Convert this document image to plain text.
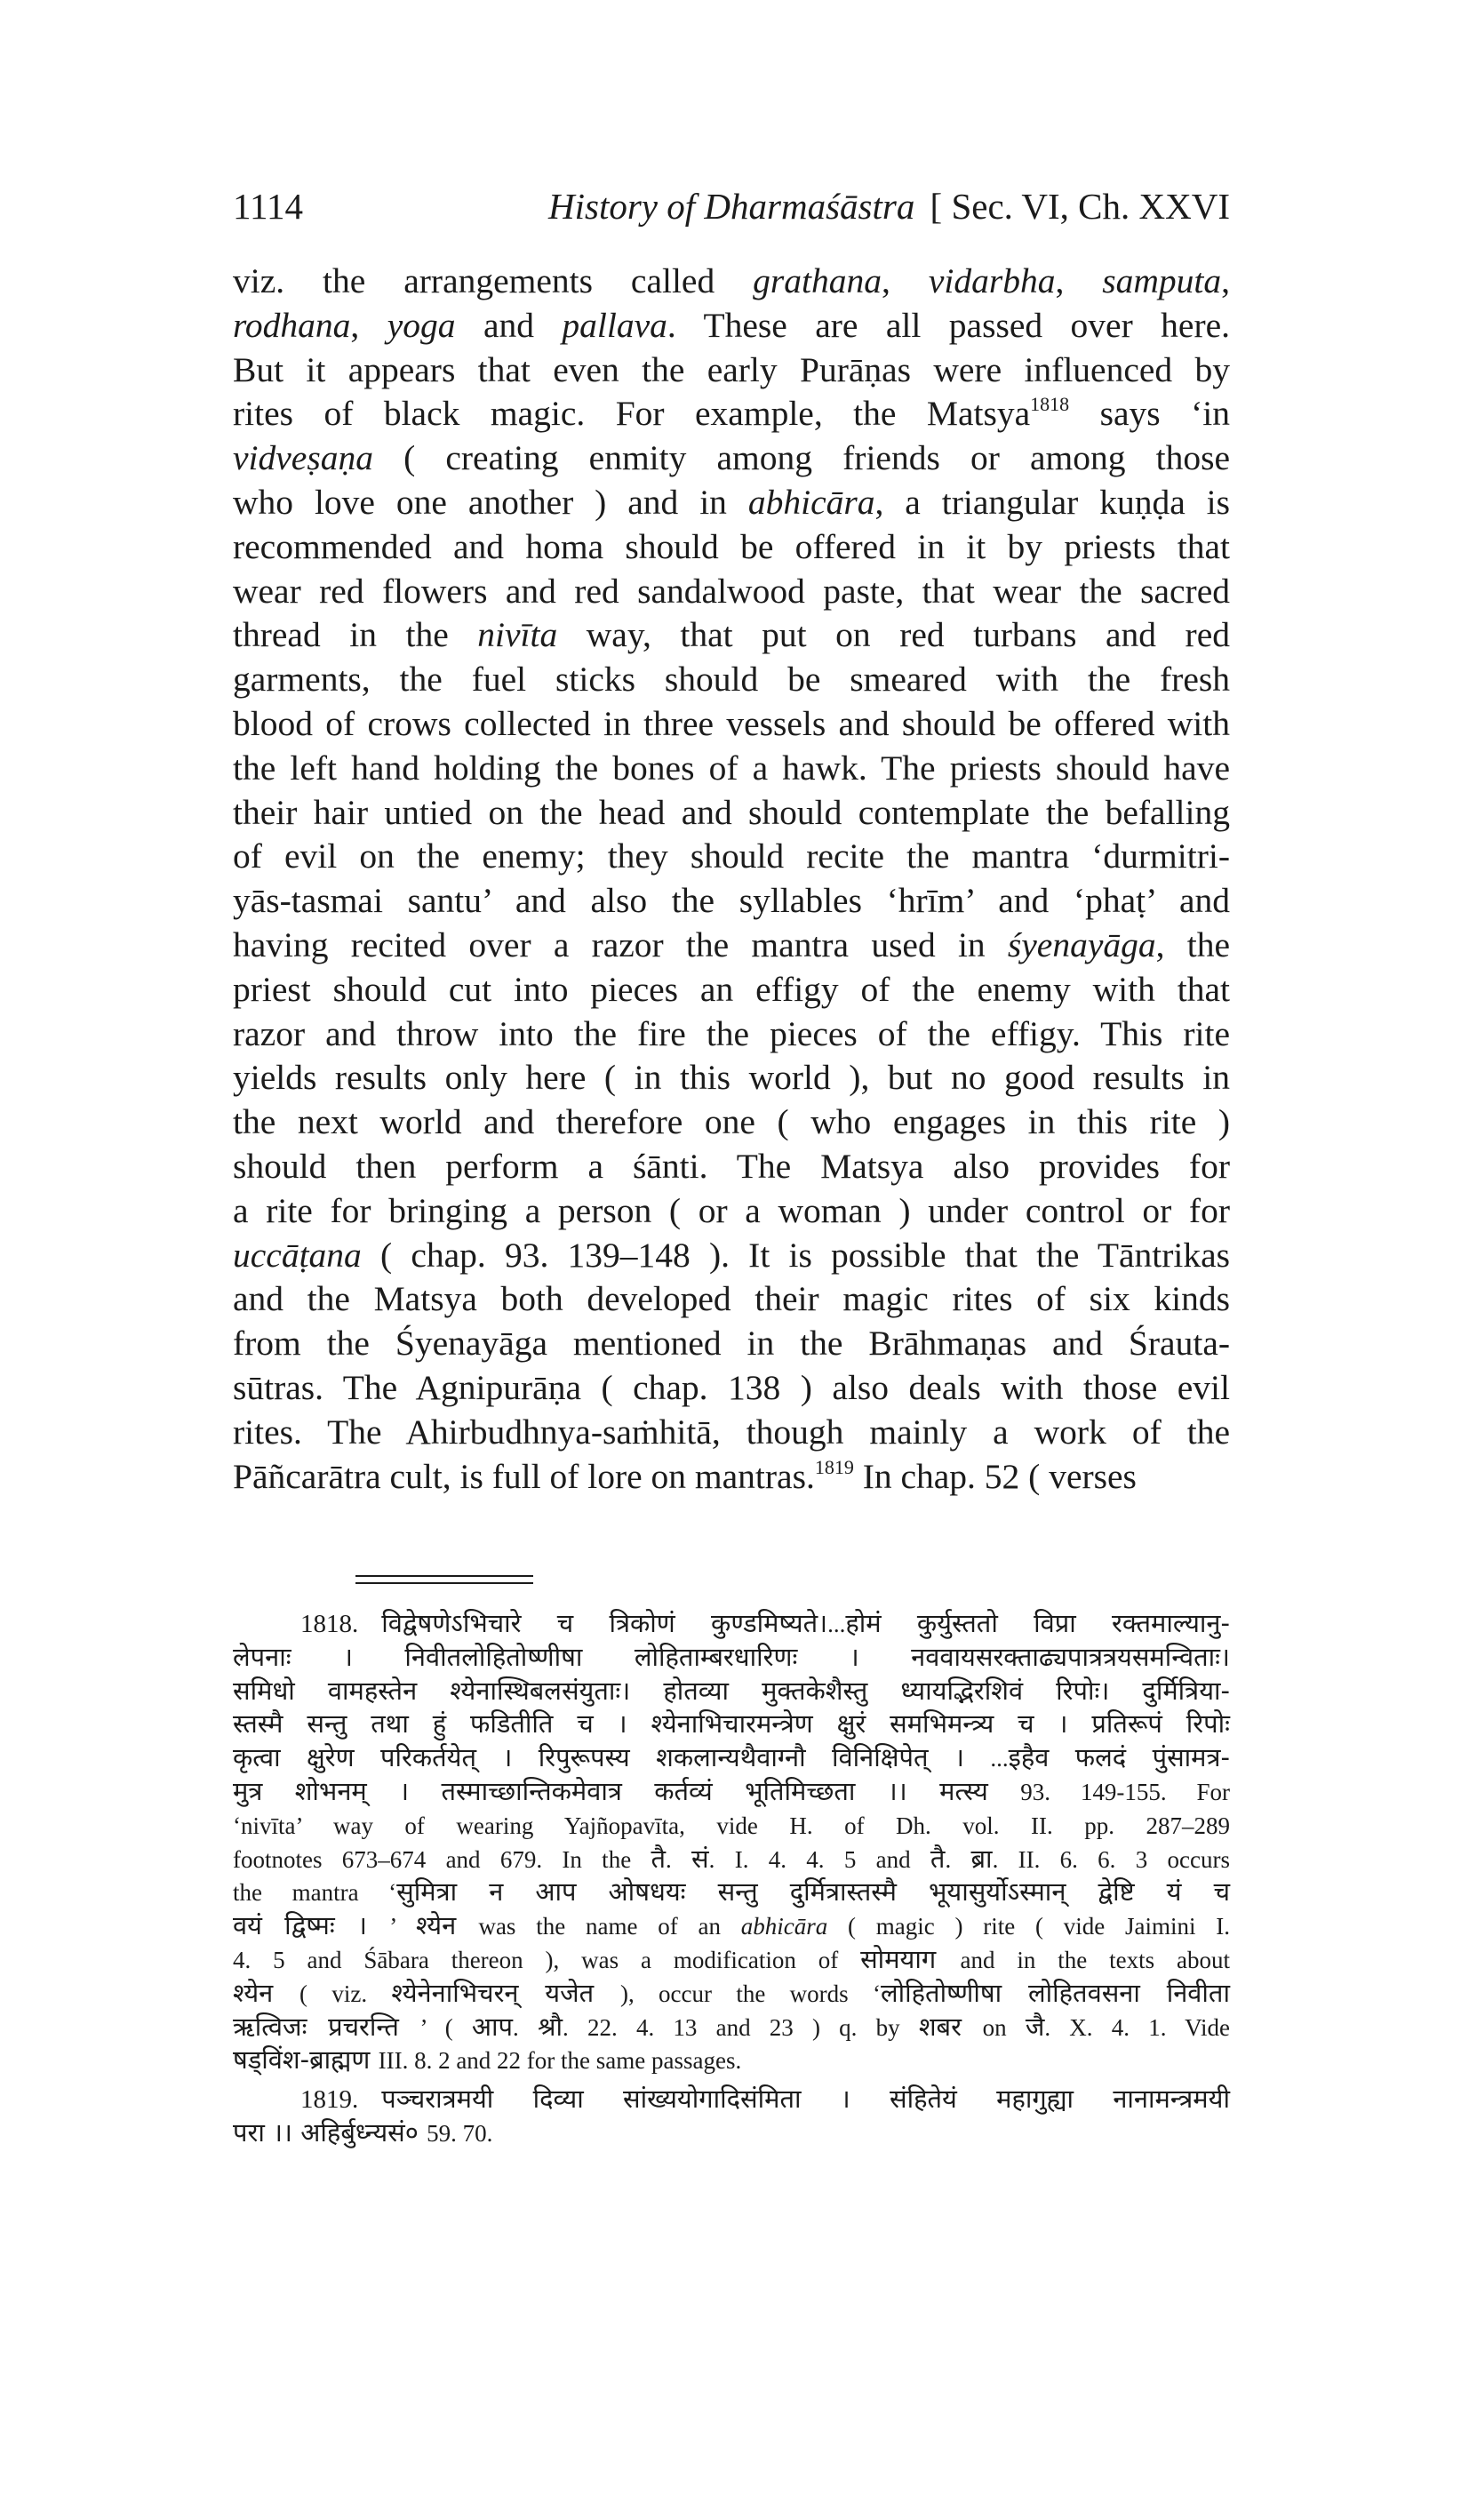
1114	History of Dharmaśāstra [ Sec. VI, Ch. XXVI
viz. the arrangements called grathana, vidarbha, samputa,
rodhana, yoga and pallava. These are all passed over here.
But it appears that even the early Purāṇas were influenced by
rites of black magic. For example, the Matsya$^{1818}$ says ‘in
vidveṣaṇa ( creating enmity among friends or among those
who love one another ) and in abhicāra, a triangular kuṇḍa is
recommended and homa should be offered in it by priests that
wear red flowers and red sandalwood paste, that wear the sacred
thread in the nivīta way, that put on red turbans and red
garments, the fuel sticks should be smeared with the fresh
blood of crows collected in three vessels and should be offered with
the left hand holding the bones of a hawk. The priests should have
their hair untied on the head and should contemplate the befalling
of evil on the enemy; they should recite the mantra ‘durmitri-
yās-tasmai santu’ and also the syllables ‘hrīm’ and ‘phaṭ’ and
having recited over a razor the mantra used in śyenayāga, the
priest should cut into pieces an effigy of the enemy with that
razor and throw into the fire the pieces of the effigy. This rite
yields results only here ( in this world ), but no good results in
the next world and therefore one ( who engages in this rite )
should then perform a śānti. The Matsya also provides for
a rite for bringing a person ( or a woman ) under control or for
uccāṭana ( chap. 93. 139–148 ). It is possible that the Tāntrikas
and the Matsya both developed their magic rites of six kinds
from the Śyenayāga mentioned in the Brāhmaṇas and Śrauta-
sūtras. The Agnipurāṇa ( chap. 138 ) also deals with those evil
rites. The Ahirbudhnya-saṁhitā, though mainly a work of the
Pāñcarātra cult, is full of lore on mantras.$^{1819}$ In chap. 52 ( verses
1818. विद्वेषणेऽभिचारे च त्रिकोणं कुण्डमिष्यते।...होमं कुर्युस्ततो विप्रा रक्तमाल्यानु-
लेपनाः । निवीतलोहितोष्णीषा लोहिताम्बरधारिणः । नववायसरक्ताढ्यपात्रत्रयसमन्विताः।
समिधो वामहस्तेन श्येनास्थिबलसंयुताः। होतव्या मुक्तकेशैस्तु ध्यायद्भिरशिवं रिपोः। दुर्मित्रिया-
स्तस्मै सन्तु तथा हुं फडितीति च । श्येनाभिचारमन्त्रेण क्षुरं समभिमन्त्र्य च । प्रतिरूपं रिपोः
कृत्वा क्षुरेण परिकर्तयेत् । रिपुरूपस्य शकलान्यथैवाग्नौ विनिक्षिपेत् । ...इहैव फलदं पुंसामत्र-
मुत्र शोभनम् । तस्माच्छान्तिकमेवात्र कर्तव्यं भूतिमिच्छता ।। मत्स्य 93. 149-155. For
‘nivīta’ way of wearing Yajñopavīta, vide H. of Dh. vol. II. pp. 287–289
footnotes 673–674 and 679. In the तै. सं. I. 4. 4. 5 and तै. ब्रा. II. 6. 6. 3 occurs
the mantra ‘सुमित्रा न आप ओषधयः सन्तु दुर्मित्रास्तस्मै भूयासुर्योऽस्मान् द्वेष्टि यं च
वयं द्विष्मः । ’ श्येन was the name of an abhicāra ( magic ) rite ( vide Jaimini I.
4. 5 and Śābara thereon ), was a modification of सोमयाग and in the texts about
श्येन ( viz. श्येनेनाभिचरन् यजेत ), occur the words ‘लोहितोष्णीषा लोहितवसना निवीता
ऋत्विजः प्रचरन्ति ’ ( आप. श्रौ. 22. 4. 13 and 23 ) q. by शबर on जै. X. 4. 1. Vide
षड्विंश-ब्राह्मण III. 8. 2 and 22 for the same passages.
1819. पञ्चरात्रमयी दिव्या सांख्ययोगादिसंमिता । संहितेयं महागुह्या नानामन्त्रमयी
परा ।। अहिर्बुध्न्यसं० 59. 70.
